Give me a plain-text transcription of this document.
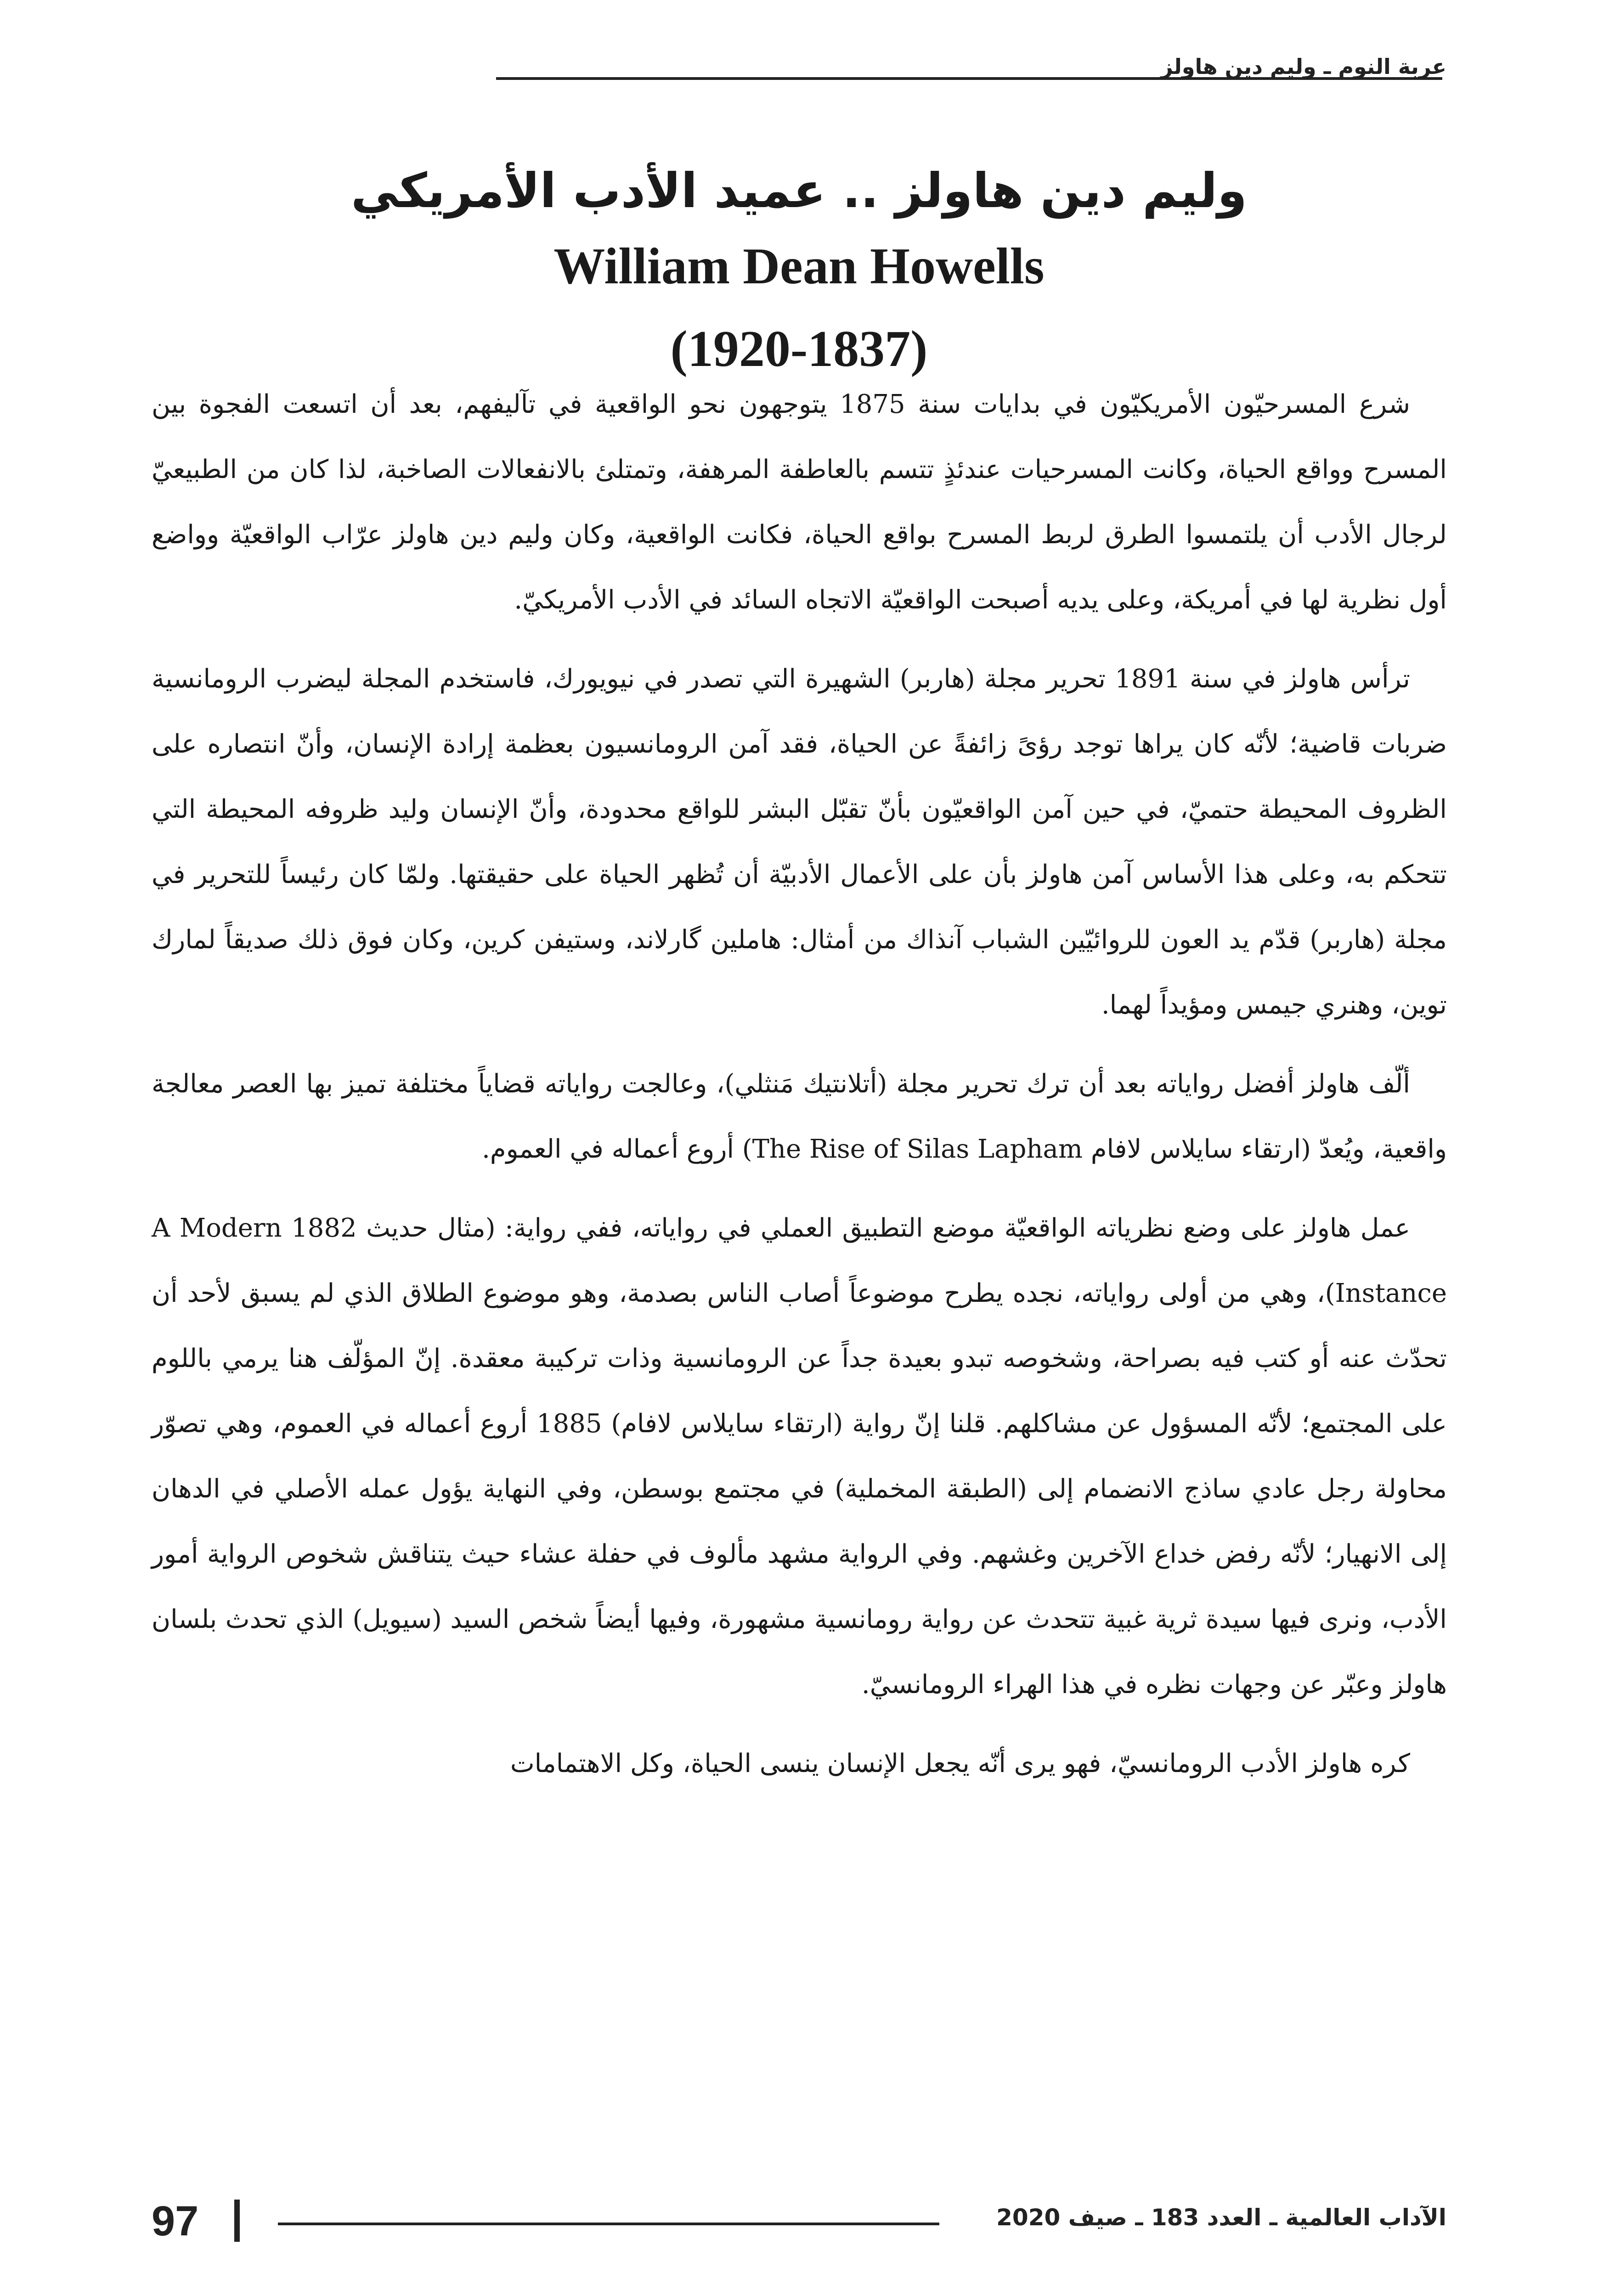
عربة النوم ـ وليم دين هاولز
وليم دين هاولز .. عميد الأدب الأمريكي
William Dean Howells
(1920-1837)

شرع المسرحيّون الأمريكيّون في بدايات سنة 1875 يتوجهون نحو الواقعية في تآليفهم، بعد أن اتسعت الفجوة بين المسرح وواقع الحياة، وكانت المسرحيات عندئذٍ تتسم بالعاطفة المرهفة، وتمتلئ بالانفعالات الصاخبة، لذا كان من الطبيعيّ لرجال الأدب أن يلتمسوا الطرق لربط المسرح بواقع الحياة، فكانت الواقعية، وكان وليم دين هاولز عرّاب الواقعيّة وواضع أول نظرية لها في أمريكة، وعلى يديه أصبحت الواقعيّة الاتجاه السائد في الأدب الأمريكيّ.

ترأس هاولز في سنة 1891 تحرير مجلة (هاربر) الشهيرة التي تصدر في نيويورك، فاستخدم المجلة ليضرب الرومانسية ضربات قاضية؛ لأنّه كان يراها توجد رؤىً زائفةً عن الحياة، فقد آمن الرومانسيون بعظمة إرادة الإنسان، وأنّ انتصاره على الظروف المحيطة حتميّ، في حين آمن الواقعيّون بأنّ تقبّل البشر للواقع محدودة، وأنّ الإنسان وليد ظروفه المحيطة التي تتحكم به، وعلى هذا الأساس آمن هاولز بأن على الأعمال الأدبيّة أن تُظهر الحياة على حقيقتها. ولمّا كان رئيساً للتحرير في مجلة (هاربر) قدّم يد العون للروائيّين الشباب آنذاك من أمثال: هاملين گارلاند، وستيفن كرين، وكان فوق ذلك صديقاً لمارك توين، وهنري جيمس ومؤيداً لهما.

ألّف هاولز أفضل رواياته بعد أن ترك تحرير مجلة (أتلانتيك مَنثلي)، وعالجت رواياته قضاياً مختلفة تميز بها العصر معالجة واقعية، ويُعدّ (ارتقاء سايلاس لافام The Rise of Silas Lapham) أروع أعماله في العموم.

عمل هاولز على وضع نظرياته الواقعيّة موضع التطبيق العملي في رواياته، ففي رواية: (مثال حديث 1882 A Modern Instance)، وهي من أولى رواياته، نجده يطرح موضوعاً أصاب الناس بصدمة، وهو موضوع الطلاق الذي لم يسبق لأحد أن تحدّث عنه أو كتب فيه بصراحة، وشخوصه تبدو بعيدة جداً عن الرومانسية وذات تركيبة معقدة. إنّ المؤلّف هنا يرمي باللوم على المجتمع؛ لأنّه المسؤول عن مشاكلهم. قلنا إنّ رواية (ارتقاء سايلاس لافام) 1885 أروع أعماله في العموم، وهي تصوّر محاولة رجل عادي ساذج الانضمام إلى (الطبقة المخملية) في مجتمع بوسطن، وفي النهاية يؤول عمله الأصلي في الدهان إلى الانهيار؛ لأنّه رفض خداع الآخرين وغشهم. وفي الرواية مشهد مألوف في حفلة عشاء حيث يتناقش شخوص الرواية أمور الأدب، ونرى فيها سيدة ثرية غبية تتحدث عن رواية رومانسية مشهورة، وفيها أيضاً شخص السيد (سيويل) الذي تحدث بلسان هاولز وعبّر عن وجهات نظره في هذا الهراء الرومانسيّ.

كره هاولز الأدب الرومانسيّ، فهو يرى أنّه يجعل الإنسان ينسى الحياة، وكل الاهتمامات

97	الآداب العالمية ـ العدد 183 ـ صيف 2020
